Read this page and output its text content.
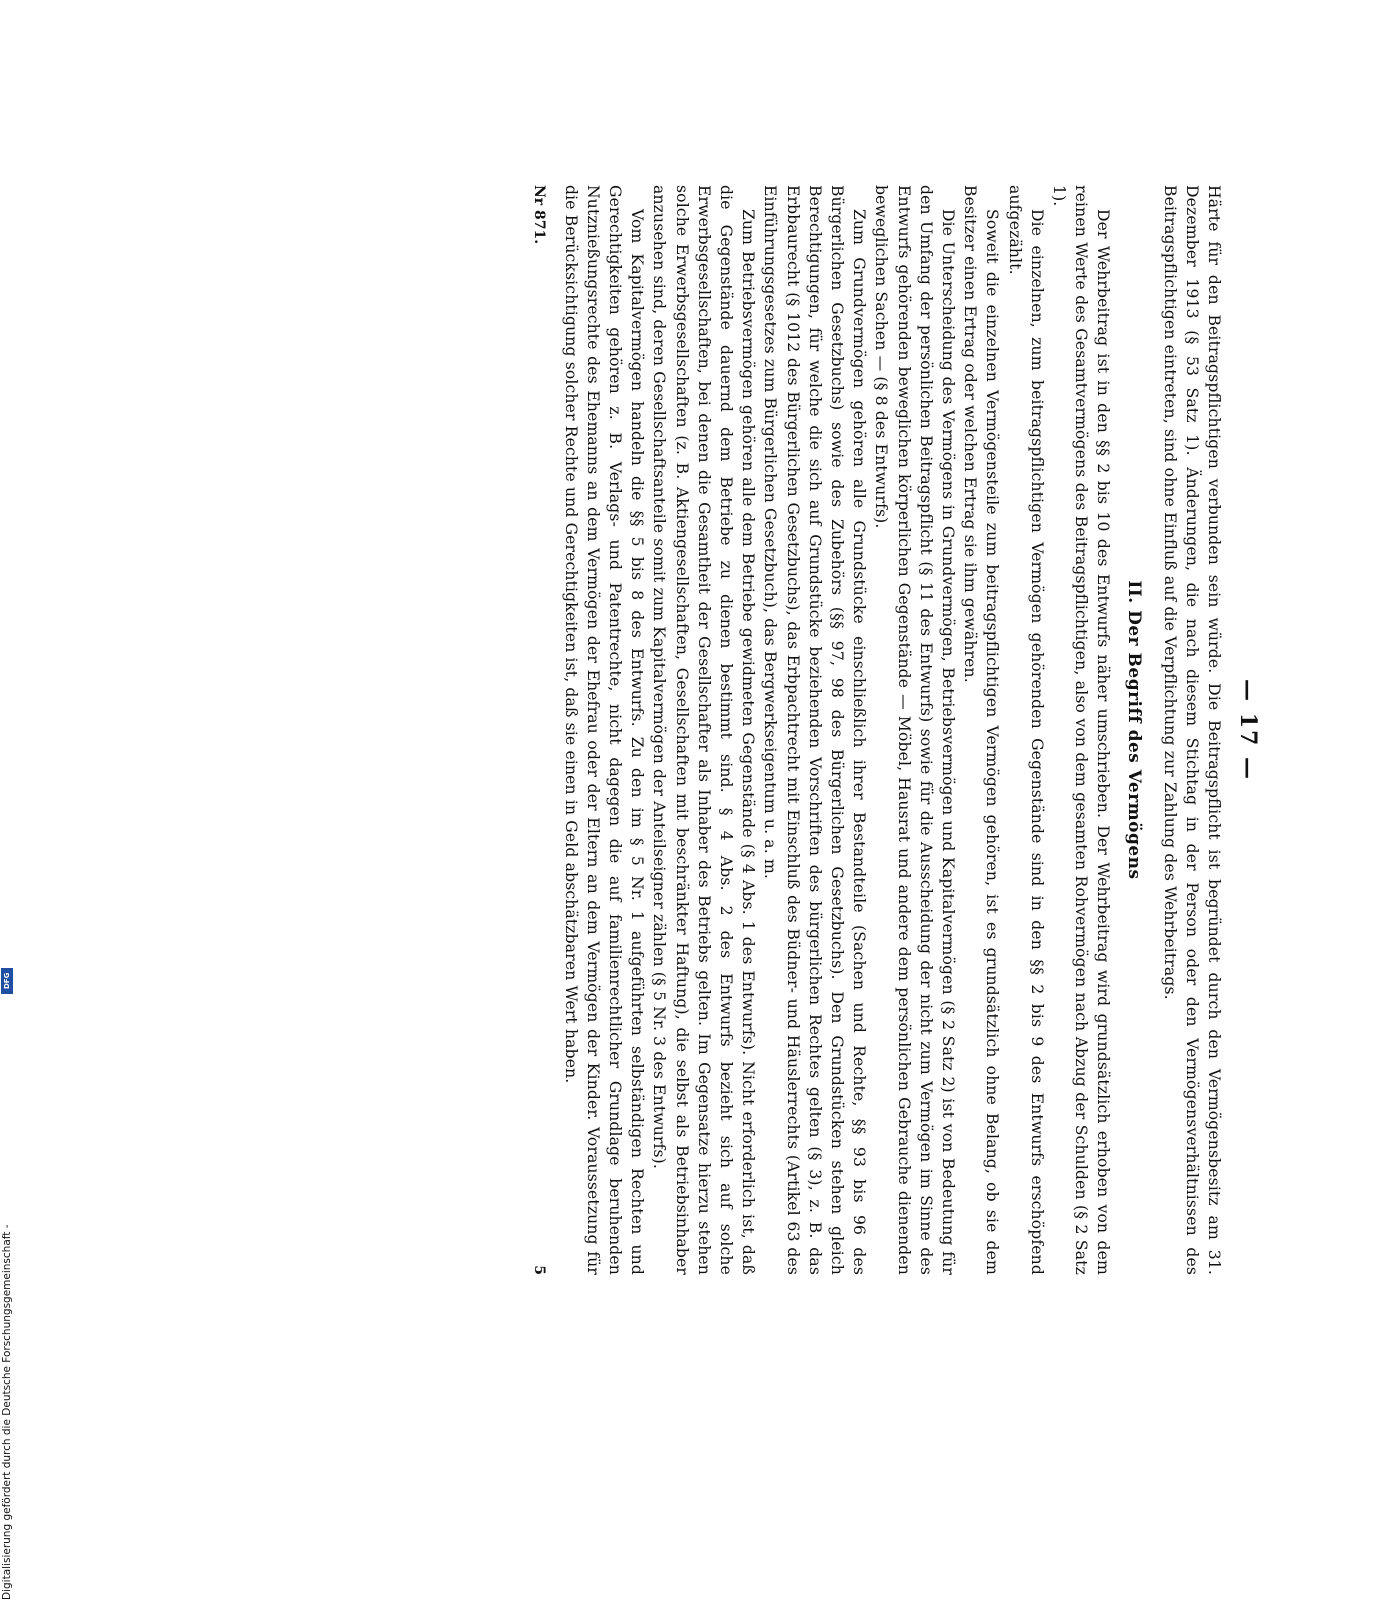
— 17 —

Härte für den Beitragspflichtigen verbunden sein würde. Die Beitragspflicht ist begründet durch den Vermögensbesitz am 31. Dezember 1913 (§ 53 Satz 1). Änderungen, die nach diesem Stichtag in der Person oder den Vermögensverhältnissen des Beitragspflichtigen eintreten, sind ohne Einfluß auf die Verpflichtung zur Zahlung des Wehrbeitrags.

II. Der Begriff des Vermögens

Der Wehrbeitrag ist in den §§ 2 bis 10 des Entwurfs näher umschrieben. Der Wehrbeitrag wird grundsätzlich erhoben von dem reinen Werte des Gesamtvermögens des Beitragspflichtigen, also von dem gesamten Rohvermögen nach Abzug der Schulden (§ 2 Satz 1).

Die einzelnen, zum beitragspflichtigen Vermögen gehörenden Gegenstände sind in den §§ 2 bis 9 des Entwurfs erschöpfend aufgezählt.

Soweit die einzelnen Vermögensteile zum beitragspflichtigen Vermögen gehören, ist es grundsätzlich ohne Belang, ob sie dem Besitzer einen Ertrag oder welchen Ertrag sie ihm gewähren.

Die Unterscheidung des Vermögens in Grundvermögen, Betriebsvermögen und Kapitalvermögen (§ 2 Satz 2) ist von Bedeutung für den Umfang der persönlichen Beitragspflicht (§ 11 des Entwurfs) sowie für die Ausscheidung der nicht zum Vermögen im Sinne des Entwurfs gehörenden beweglichen körperlichen Gegenstände — Möbel, Hausrat und andere dem persönlichen Gebrauche dienenden beweglichen Sachen — (§ 8 des Entwurfs).

Zum Grundvermögen gehören alle Grundstücke einschließlich ihrer Bestandteile (Sachen und Rechte, §§ 93 bis 96 des Bürgerlichen Gesetzbuchs) sowie des Zubehörs (§§ 97, 98 des Bürgerlichen Gesetzbuchs). Den Grundstücken stehen gleich Berechtigungen, für welche die sich auf Grundstücke beziehenden Vorschriften des bürgerlichen Rechtes gelten (§ 3), z. B. das Erbbaurecht (§ 1012 des Bürgerlichen Gesetzbuchs), das Erbpachtrecht mit Einschluß des Büdner- und Häuslerrechts (Artikel 63 des Einführungsgesetzes zum Bürgerlichen Gesetzbuch), das Bergwerkseigentum u. a. m.

Zum Betriebsvermögen gehören alle dem Betriebe gewidmeten Gegenstände (§ 4 Abs. 1 des Entwurfs). Nicht erforderlich ist, daß die Gegenstände dauernd dem Betriebe zu dienen bestimmt sind. § 4 Abs. 2 des Entwurfs bezieht sich auf solche Erwerbsgesellschaften, bei denen die Gesamtheit der Gesellschafter als Inhaber des Betriebs gelten. Im Gegensatze hierzu stehen solche Erwerbsgesellschaften (z. B. Aktiengesellschaften, Gesellschaften mit beschränkter Haftung), die selbst als Betriebsinhaber anzusehen sind, deren Gesellschaftsanteile somit zum Kapitalvermögen der Anteilseigner zählen (§ 5 Nr. 3 des Entwurfs).

Vom Kapitalvermögen handeln die §§ 5 bis 8 des Entwurfs. Zu den im § 5 Nr. 1 aufgeführten selbständigen Rechten und Gerechtigkeiten gehören z. B. Verlags- und Patentrechte, nicht dagegen die auf familienrechtlicher Grundlage beruhenden Nutznießungsrechte des Ehemanns an dem Vermögen der Ehefrau oder der Eltern an dem Vermögen der Kinder. Voraussetzung für die Berücksichtigung solcher Rechte und Gerechtigkeiten ist, daß sie einen in Geld abschätzbaren Wert haben.

Nr 871.
5
Digitalisierung gefördert durch die Deutsche Forschungsgemeinschaft -
DFG
